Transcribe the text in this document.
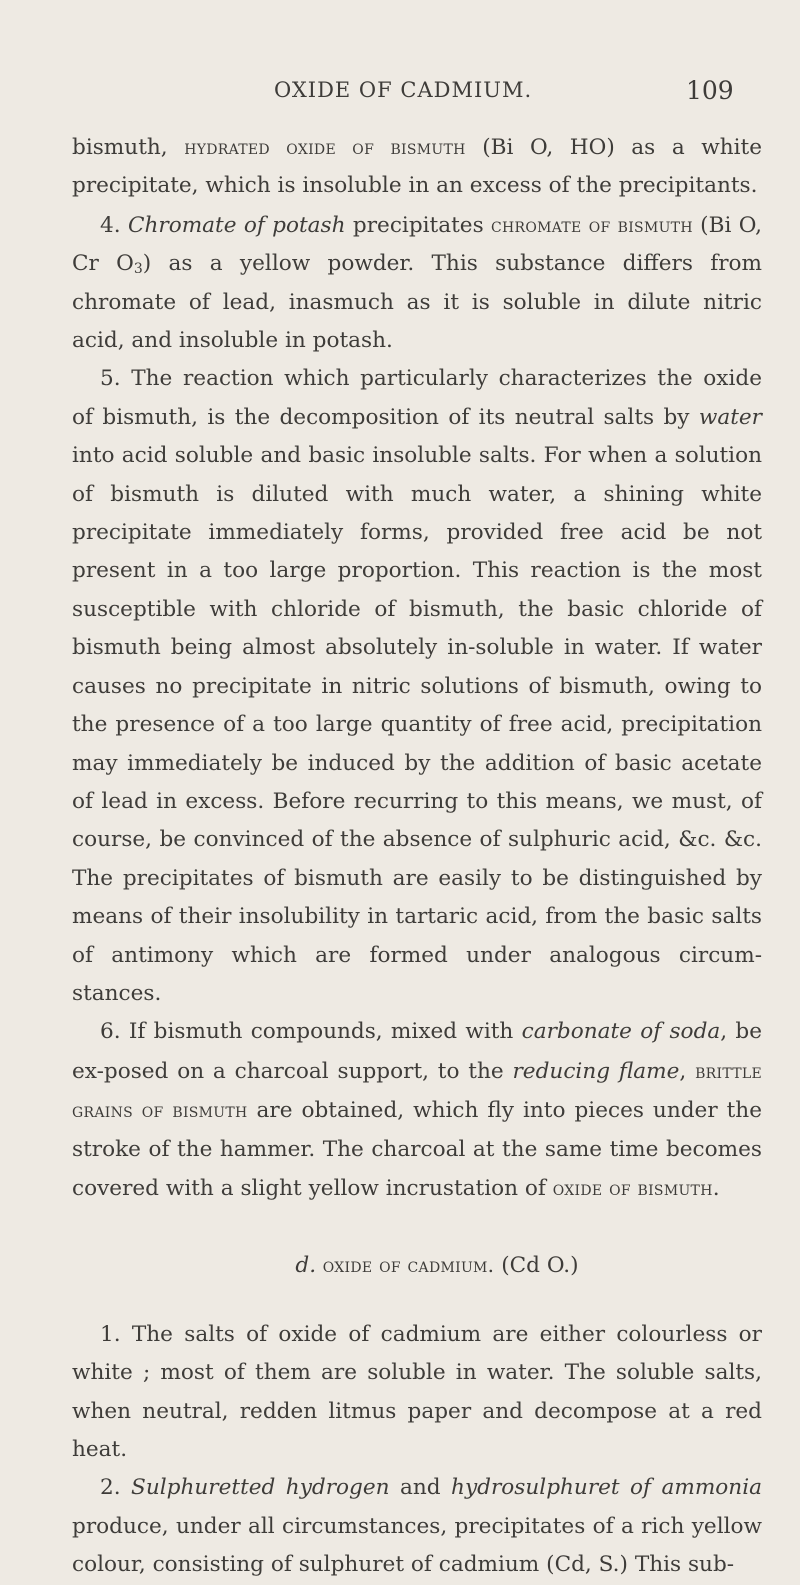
OXIDE OF CADMIUM.	109

bismuth, hydrated oxide of bismuth (Bi O, HO) as a white precipitate, which is insoluble in an excess of the precipitants.

4. Chromate of potash precipitates chromate of bismuth (Bi O, Cr $O_3$) as a yellow powder. This substance differs from chromate of lead, inasmuch as it is soluble in dilute nitric acid, and insoluble in potash.

5. The reaction which particularly characterizes the oxide of bismuth, is the decomposition of its neutral salts by water into acid soluble and basic insoluble salts. For when a solution of bismuth is diluted with much water, a shining white precipitate immediately forms, provided free acid be not present in a too large proportion. This reaction is the most susceptible with chloride of bismuth, the basic chloride of bismuth being almost absolutely in-soluble in water. If water causes no precipitate in nitric solutions of bismuth, owing to the presence of a too large quantity of free acid, precipitation may immediately be induced by the addition of basic acetate of lead in excess. Before recurring to this means, we must, of course, be convinced of the absence of sulphuric acid, &c. &c. The precipitates of bismuth are easily to be distinguished by means of their insolubility in tartaric acid, from the basic salts of antimony which are formed under analogous circum-stances.

6. If bismuth compounds, mixed with carbonate of soda, be ex-posed on a charcoal support, to the reducing flame, brittle grains of bismuth are obtained, which fly into pieces under the stroke of the hammer. The charcoal at the same time becomes covered with a slight yellow incrustation of oxide of bismuth.

d. oxide of cadmium. (Cd O.)

1. The salts of oxide of cadmium are either colourless or white ; most of them are soluble in water. The soluble salts, when neutral, redden litmus paper and decompose at a red heat.

2. Sulphuretted hydrogen and hydrosulphuret of ammonia produce, under all circumstances, precipitates of a rich yellow colour, consisting of sulphuret of cadmium (Cd, S.) This sub-
